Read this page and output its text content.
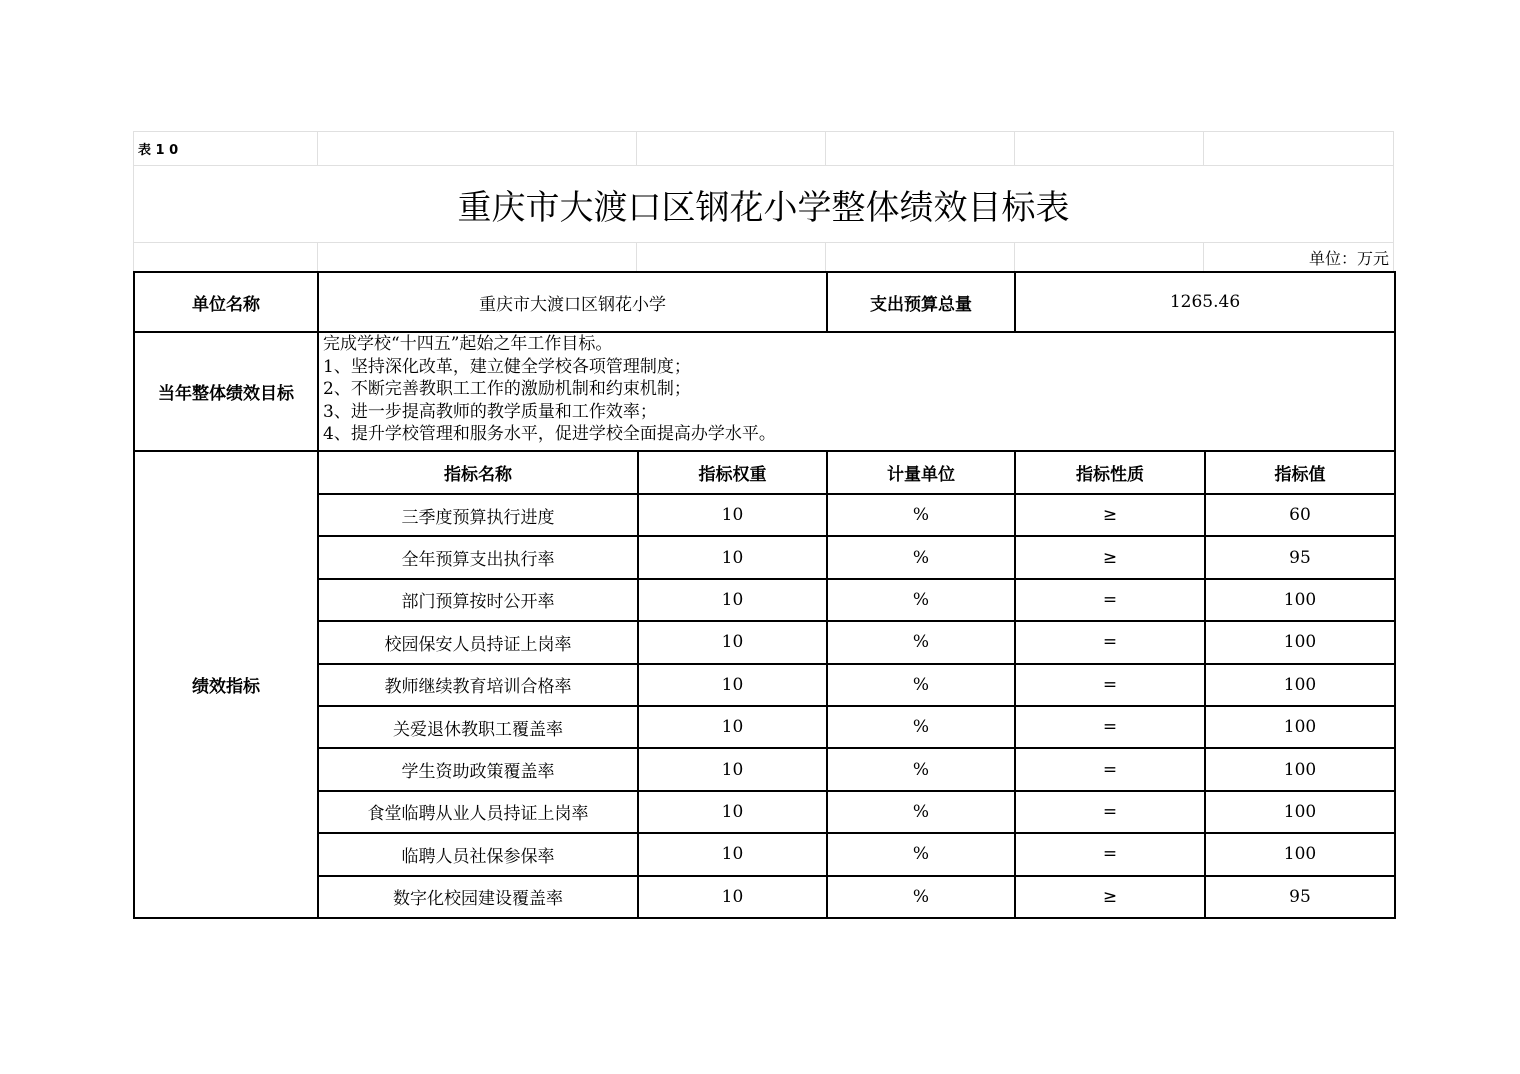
表 1 0					
重庆市大渡口区钢花小学整体绩效目标表					
					单位：万元
单位名称	重庆市大渡口区钢花小学		支出预算总量	1265.46	
当年整体绩效目标	完成学校“十四五”起始之年工作目标。
1、坚持深化改革，建立健全学校各项管理制度；
2、不断完善教职工工作的激励机制和约束机制；
3、进一步提高教师的教学质量和工作效率；
4、提升学校管理和服务水平，促进学校全面提高办学水平。				

绩效指标	指标名称	指标权重	计量单位	指标性质	指标值
	三季度预算执行进度	10	%	≥	60
	全年预算支出执行率	10	%	≥	95
	部门预算按时公开率	10	%	=	100
	校园保安人员持证上岗率	10	%	=	100
	教师继续教育培训合格率	10	%	=	100
	关爱退休教职工覆盖率	10	%	=	100
	学生资助政策覆盖率	10	%	=	100
	食堂临聘从业人员持证上岗率	10	%	=	100
	临聘人员社保参保率	10	%	=	100
	数字化校园建设覆盖率	10	%	≥	95
